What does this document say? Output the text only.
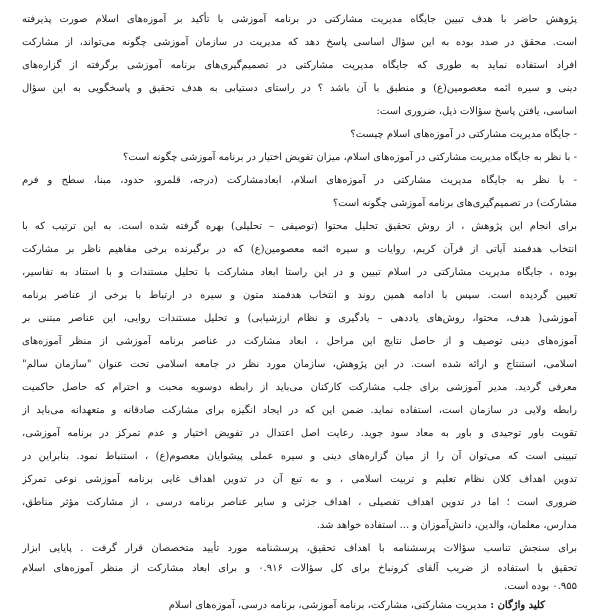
پژوهش حاضر با هدف تبیین جایگاه مدیریت مشارکتی در برنامه آموزشی با تأکید بر آموزه‌های اسلام صورت پذیرفته
است. محقق در صدد بوده به این سؤال اساسی پاسخ دهد که مدیریت در سازمان آموزشی چگونه می‌تواند، از مشارکت
افراد استفاده نماید به طوری که جایگاه مدیریت مشارکتی در تصمیم‌گیری‌های برنامه آموزشی برگرفته از گزاره‌های
دینی و سیره ائمه معصومین(ع) و منطبق با آن باشد ؟ در راستای دستیابی به هدف تحقیق و پاسخگویی به این سؤال
اساسی، یافتن پاسخ سؤالات ذیل، ضروری است:
- جایگاه مدیریت مشارکتی در آموزه‌های اسلام چیست؟
- با نظر به جایگاه مدیریت مشارکتی در آموزه‌های اسلام، میزان تفویض اختیار در برنامه آموزشی چگونه است؟
- با نظر به جایگاه مدیریت مشارکتی در آموزه‌های اسلام، ابعادمشارکت (درجه، قلمرو، حدود، مبنا، سطح و فرم
مشارکت) در تصمیم‌گیری‌های برنامه آموزشی چگونه است؟
برای انجام این پژوهش ، از روش تحقیق تحلیل محتوا (توصیفی – تحلیلی) بهره گرفته شده است. به این ترتیب که با
انتخاب هدفمند آیاتی از قرآن کریم، روایات و سیره ائمه معصومین(ع) که در برگیرنده برخی مفاهیم ناظر بر مشارکت
بوده ، جایگاه مدیریت مشارکتی در اسلام تبیین و در این راستا ابعاد مشارکت با تحلیل مستندات و با استناد به تفاسیر،
تعیین گردیده است. سپس با ادامه همین روند و انتخاب هدفمند متون و سیره در ارتباط با برخی از عناصر برنامه
آموزشی( هدف، محتوا، روش‌های یاددهی – یادگیری و نظام ارزشیابی) و تحلیل مستندات روایی، این عناصر مبتنی بر
آموزه‌های دینی توصیف و از حاصل نتایج این مراحل ، ابعاد مشارکت در عناصر برنامه آموزشی از منظر آموزه‌های
اسلامی، استنتاج و ارائه شده است. در این پژوهش، سازمان مورد نظر در جامعه اسلامی تحت عنوان "سازمان سالم"
معرفی گردید. مدیر آموزشی برای جلب مشارکت کارکنان می‌باید از رابطه دوسویه محبت و احترام که حاصل حاکمیت
رابطه ولایی در سازمان است، استفاده نماید. ضمن این که در ایجاد انگیزه برای مشارکت صادقانه و متعهدانه می‌باید از
تقویت باور توحیدی و باور به معاد سود جوید. رعایت اصل اعتدال در تفویض اختیار و عدم تمرکز در برنامه آموزشی،
تبیینی است که می‌توان آن را از میان گزاره‌های دینی و سیره عملی پیشوایان معصوم(ع) ، استنباط نمود. بنابراین در
تدوین اهداف کلان نظام تعلیم و تربیت اسلامی ، و به تبع آن در تدوین اهداف غایی برنامه آموزشی نوعی تمرکز
ضروری است ؛ اما در تدوین اهداف تفصیلی ، اهداف جزئی و سایر عناصر برنامه درسی ، از مشارکت مؤثر مناطق،
مدارس، معلمان، والدین، دانش‌آموزان و ... استفاده خواهد شد.
برای سنجش تناسب سؤالات پرسشنامه با اهداف تحقیق، پرسشنامه مورد تأیید متخصصان قرار گرفت . پایایی ابزار
تحقیق با استفاده از ضریب آلفای کرونباخ برای کل سؤالات ۰.۹۱۶ و برای ابعاد مشارکت از منظر آموزه‌های اسلام
۰.۹۵۵ بوده است.
کلید واژگان : مدیریت مشارکتی، مشارکت، برنامه آموزشی، برنامه درسی، آموزه‌های اسلام
